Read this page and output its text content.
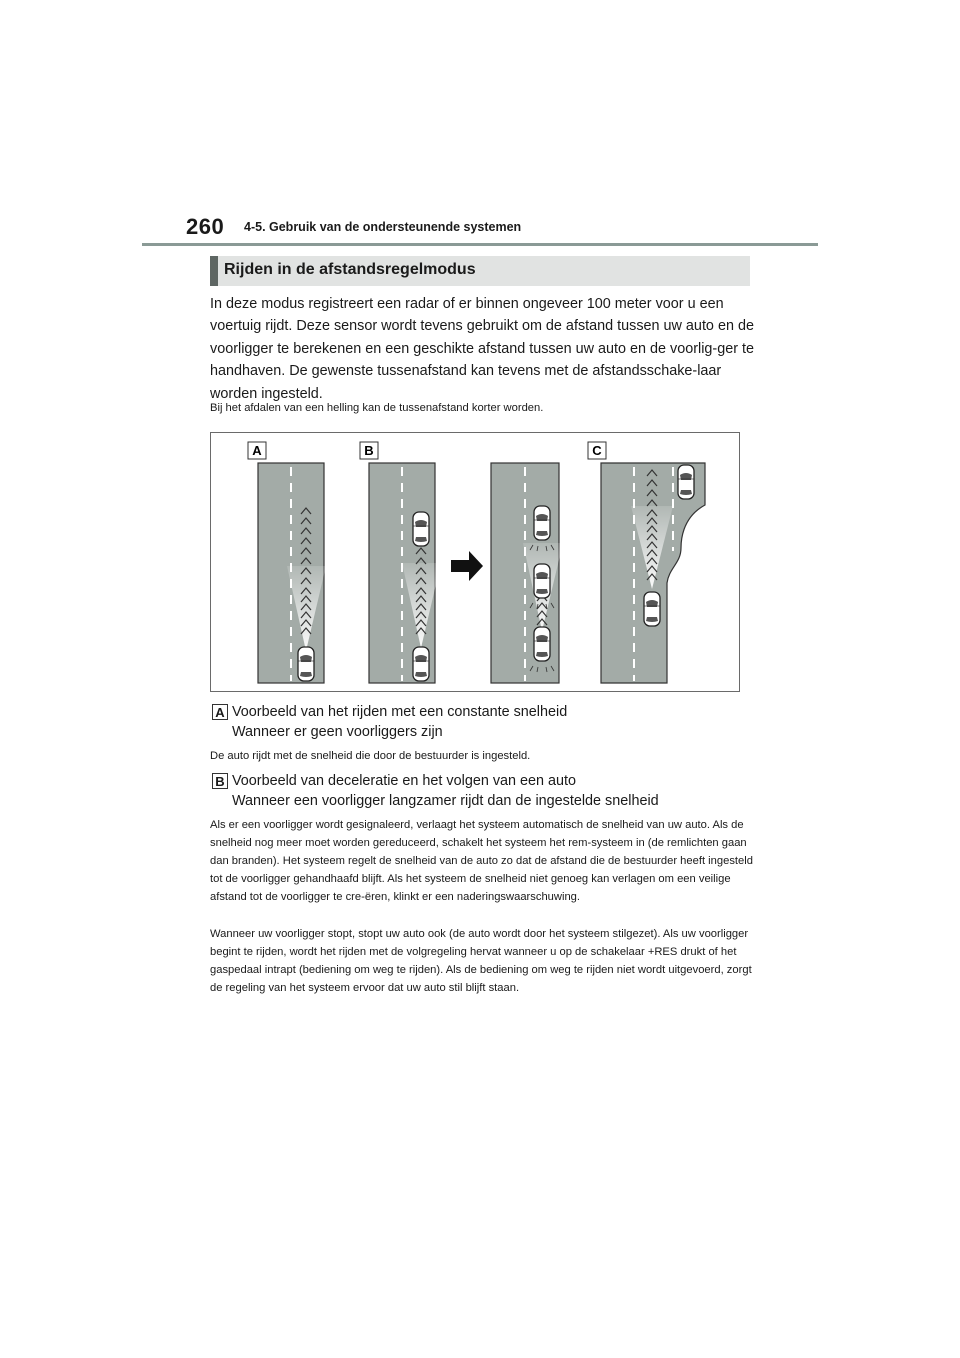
260 4-5. Gebruik van de ondersteunende systemen
Rijden in de afstandsregelmodus

In deze modus registreert een radar of er binnen ongeveer 100 meter voor u een voertuig rijdt. Deze sensor wordt tevens gebruikt om de afstand tussen uw auto en de voorligger te berekenen en een geschikte afstand tussen uw auto en de voorlig-ger te handhaven. De gewenste tussenafstand kan tevens met de afstandsschake-laar worden ingesteld.

Bij het afdalen van een helling kan de tussenafstand korter worden.

A	B	C
A Voorbeeld van het rijden met een constante snelheid

Wanneer er geen voorliggers zijn

De auto rijdt met de snelheid die door de bestuurder is ingesteld.

B Voorbeeld van deceleratie en het volgen van een auto

Wanneer een voorligger langzamer rijdt dan de ingestelde snelheid

Als er een voorligger wordt gesignaleerd, verlaagt het systeem automatisch de snelheid van uw auto. Als de snelheid nog meer moet worden gereduceerd, schakelt het systeem het rem-systeem in (de remlichten gaan dan branden). Het systeem regelt de snelheid van de auto zo dat de afstand die de bestuurder heeft ingesteld tot de voorligger gehandhaafd blijft. Als het systeem de snelheid niet genoeg kan verlagen om een veilige afstand tot de voorligger te cre-ëren, klinkt er een naderingswaarschuwing.

Wanneer uw voorligger stopt, stopt uw auto ook (de auto wordt door het systeem stilgezet). Als uw voorligger begint te rijden, wordt het rijden met de volgregeling hervat wanneer u op de schakelaar +RES drukt of het gaspedaal intrapt (bediening om weg te rijden). Als de bediening om weg te rijden niet wordt uitgevoerd, zorgt de regeling van het systeem ervoor dat uw auto stil blijft staan.
